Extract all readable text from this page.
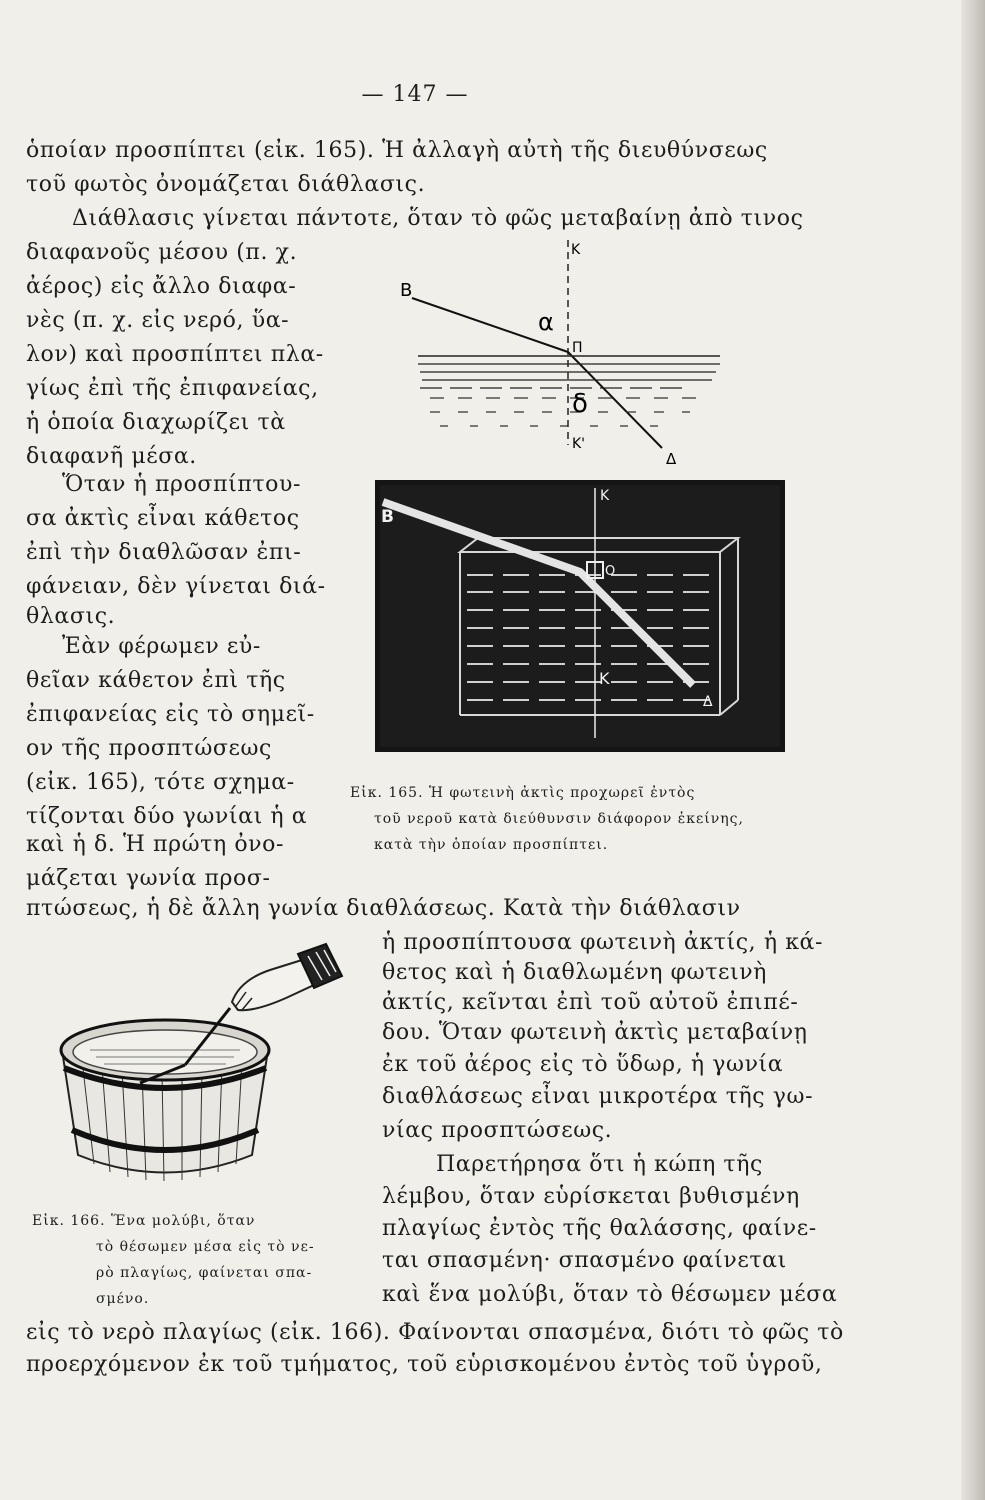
— 147 —
ὁποίαν προσπίπτει (εἰκ. 165). Ἡ ἀλλαγὴ αὐτὴ τῆς διευθύνσεως
τοῦ φωτὸς ὀνομάζεται διάθλασις.
Διάθλασις γίνεται πάντοτε, ὅταν τὸ φῶς μεταβαίνῃ ἀπὸ τινος
διαφανοῦς μέσου (π. χ.
ἀέρος) εἰς ἄλλο διαφα-
νὲς (π. χ. εἰς νερό, ὕα-
λον) καὶ προσπίπτει πλα-
γίως ἐπὶ τῆς ἐπιφανείας,
ἡ ὁποία διαχωρίζει τὰ
διαφανῆ μέσα.
Ὅταν ἡ προσπίπτου-
σα ἀκτὶς εἶναι κάθετος
ἐπὶ τὴν διαθλῶσαν ἐπι-
φάνειαν, δὲν γίνεται διά-
θλασις.
Ἐὰν φέρωμεν εὐ-
θεῖαν κάθετον ἐπὶ τῆς
ἐπιφανείας εἰς τὸ σημεῖ-
ον τῆς προσπτώσεως
(εἰκ. 165), τότε σχημα-
τίζονται δύο γωνίαι ἡ α
καὶ ἡ δ. Ἡ πρώτη ὀνο-
μάζεται γωνία προσ-
πτώσεως, ἡ δὲ ἄλλη γωνία διαθλάσεως. Κατὰ τὴν διάθλασιν
ἡ προσπίπτουσα φωτεινὴ ἀκτίς, ἡ κά-
θετος καὶ ἡ διαθλωμένη φωτεινὴ
ἀκτίς, κεῖνται ἐπὶ τοῦ αὐτοῦ ἐπιπέ-
δου. Ὅταν φωτεινὴ ἀκτὶς μεταβαίνῃ
ἐκ τοῦ ἀέρος εἰς τὸ ὕδωρ, ἡ γωνία
διαθλάσεως εἶναι μικροτέρα τῆς γω-
νίας προσπτώσεως.
Παρετήρησα ὅτι ἡ κώπη τῆς
λέμβου, ὅταν εὑρίσκεται βυθισμένη
πλαγίως ἐντὸς τῆς θαλάσσης, φαίνε-
ται σπασμένη· σπασμένο φαίνεται
καὶ ἕνα μολύβι, ὅταν τὸ θέσωμεν μέσα
εἰς τὸ νερὸ πλαγίως (εἰκ. 166). Φαίνονται σπασμένα, διότι τὸ φῶς τὸ
προερχόμενον ἐκ τοῦ τμήματος, τοῦ εὑρισκομένου ἐντὸς τοῦ ὑγροῦ,
Β
Κ
α
Π
δ
Κ'
Δ
Β
Κ
Ο
Κ
Δ
Εἰκ. 165. Ἡ φωτεινὴ ἀκτὶς προχωρεῖ ἐντὸς
τοῦ νεροῦ κατὰ διεύθυνσιν διάφορον ἐκείνης,
κατὰ τὴν ὁποίαν προσπίπτει.
Εἰκ. 166. Ἕνα μολύβι, ὅταν
τὸ θέσωμεν μέσα εἰς τὸ νε-
ρὸ πλαγίως, φαίνεται σπα-
σμένο.
